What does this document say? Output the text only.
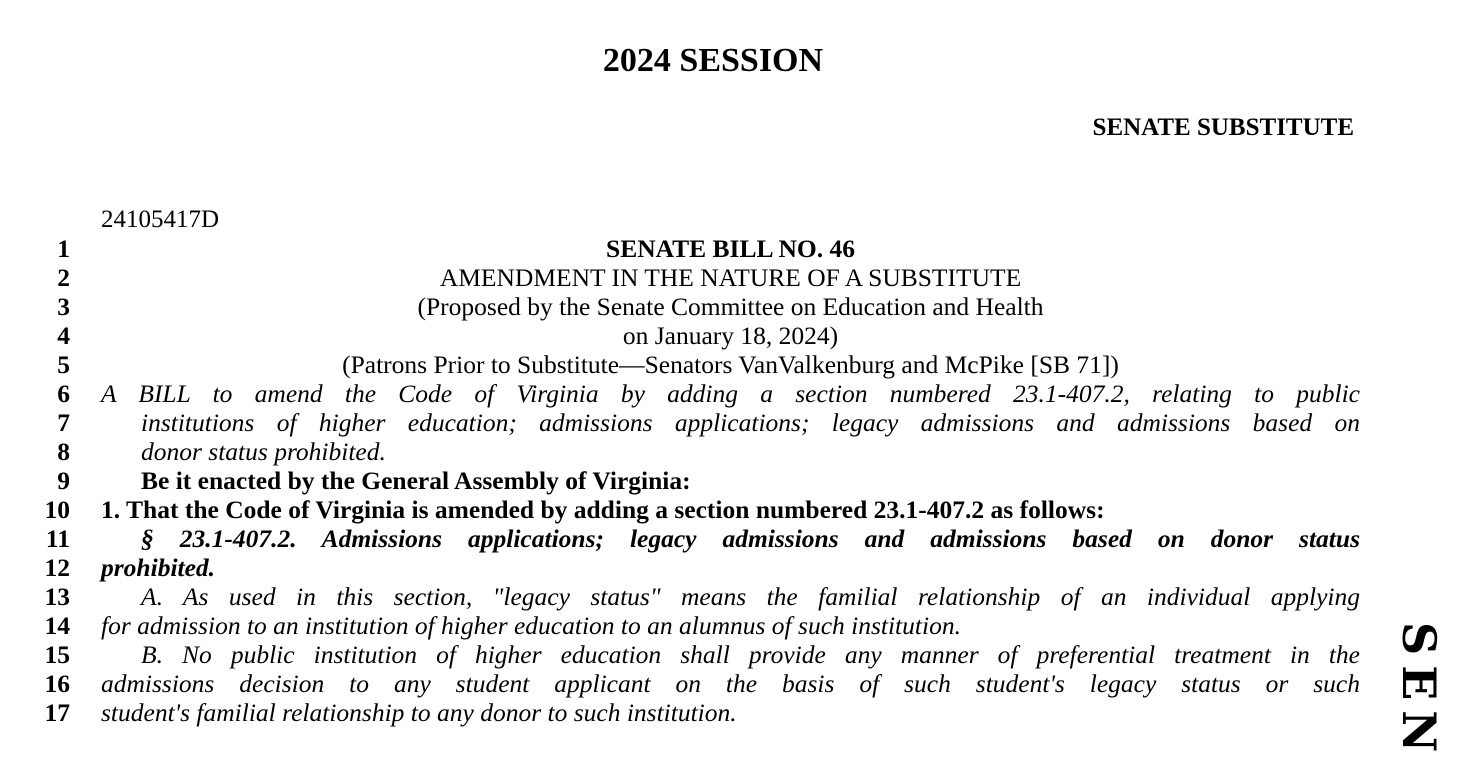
2024 SESSION
SENATE SUBSTITUTE
24105417D
1	SENATE BILL NO. 46
2	AMENDMENT IN THE NATURE OF A SUBSTITUTE
3	(Proposed by the Senate Committee on Education and Health
4	on January 18, 2024)
5	(Patrons Prior to Substitute—Senators VanValkenburg and McPike [SB 71])
6 A BILL to amend the Code of Virginia by adding a section numbered 23.1-407.2, relating to public
7	institutions of higher education; admissions applications; legacy admissions and admissions based on
8	donor status prohibited.
9	Be it enacted by the General Assembly of Virginia:
10 1. That the Code of Virginia is amended by adding a section numbered 23.1-407.2 as follows:
11	§ 23.1-407.2. Admissions applications; legacy admissions and admissions based on donor status
12 prohibited.
13	A. As used in this section, "legacy status" means the familial relationship of an individual applying
14 for admission to an institution of higher education to an alumnus of such institution.
15	B. No public institution of higher education shall provide any manner of preferential treatment in the
16 admissions decision to any student applicant on the basis of such student's legacy status or such
17 student's familial relationship to any donor to such institution.	SEN
